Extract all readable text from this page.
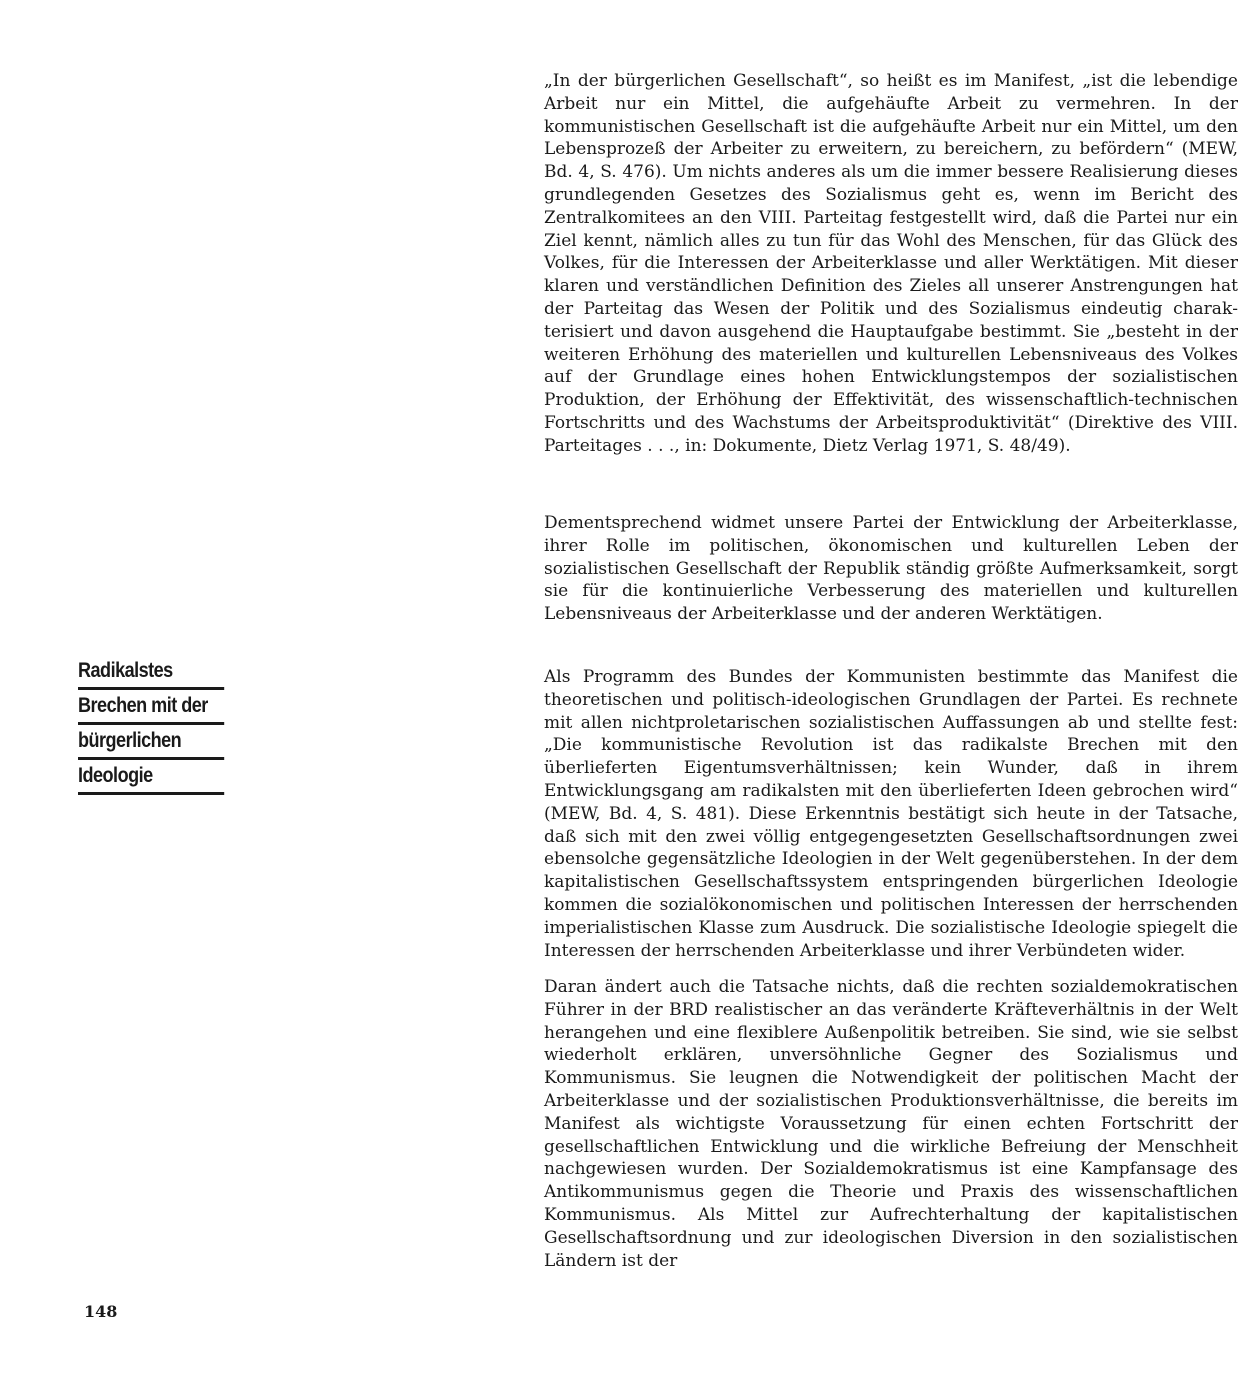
„In der bürgerlichen Gesellschaft“, so heißt es im Manifest, „ist die lebendige Arbeit nur ein Mittel, die aufgehäufte Arbeit zu vermehren. In der kommunistischen Gesellschaft ist die aufgehäufte Arbeit nur ein Mittel, um den Lebensprozeß der Arbeiter zu erweitern, zu bereichern, zu befördern“ (MEW, Bd. 4, S. 476). Um nichts anderes als um die immer bessere Realisierung dieses grundlegenden Gesetzes des Sozialismus geht es, wenn im Bericht des Zentralkomitees an den VIII. Parteitag festgestellt wird, daß die Partei nur ein Ziel kennt, nämlich alles zu tun für das Wohl des Menschen, für das Glück des Volkes, für die Interessen der Arbeiterklasse und aller Werktätigen. Mit dieser klaren und verständlichen Definition des Zieles all unserer Anstrengungen hat der Parteitag das Wesen der Politik und des Sozialismus eindeutig charakterisiert und davon ausgehend die Hauptaufgabe bestimmt. Sie „besteht in der weiteren Erhöhung des materiellen und kulturellen Lebensniveaus des Volkes auf der Grundlage eines hohen Entwicklungstempos der sozialistischen Produktion, der Erhöhung der Effektivität, des wissenschaftlich-technischen Fortschritts und des Wachstums der Arbeitsproduktivität“ (Direktive des VIII. Parteitages . . ., in: Dokumente, Dietz Verlag 1971, S. 48/49).

Dementsprechend widmet unsere Partei der Entwicklung der Arbeiterklasse, ihrer Rolle im politischen, ökonomischen und kulturellen Leben der sozialistischen Gesellschaft der Republik ständig größte Aufmerksamkeit, sorgt sie für die kontinuierliche Verbesserung des materiellen und kulturellen Lebensniveaus der Arbeiterklasse und der anderen Werktätigen.

Als Programm des Bundes der Kommunisten bestimmte das Manifest die theoretischen und politisch-ideologischen Grundlagen der Partei. Es rechnete mit allen nichtproletarischen sozialistischen Auffassungen ab und stellte fest: „Die kommunistische Revolution ist das radikalste Brechen mit den überlieferten Eigentumsverhältnissen; kein Wunder, daß in ihrem Entwicklungsgang am radikalsten mit den überlieferten Ideen gebrochen wird“ (MEW, Bd. 4, S. 481). Diese Erkenntnis bestätigt sich heute in der Tatsache, daß sich mit den zwei völlig entgegengesetzten Gesellschaftsordnungen zwei ebensolche gegensätzliche Ideologien in der Welt gegenüberstehen. In der dem kapitalistischen Gesellschaftssystem entspringenden bürgerlichen Ideologie kommen die sozialökonomischen und politischen Interessen der herrschenden imperialistischen Klasse zum Ausdruck. Die sozialistische Ideologie spiegelt die Interessen der herrschenden Arbeiterklasse und ihrer Verbündeten wider.

Daran ändert auch die Tatsache nichts, daß die rechten sozialdemokratischen Führer in der BRD realistischer an das veränderte Kräfteverhältnis in der Welt herangehen und eine flexiblere Außenpolitik betreiben. Sie sind, wie sie selbst wiederholt erklären, unversöhnliche Gegner des Sozialismus und Kommunismus. Sie leugnen die Notwendigkeit der politischen Macht der Arbeiterklasse und der sozialistischen Produktionsverhältnisse, die bereits im Manifest als wichtigste Voraussetzung für einen echten Fortschritt der gesellschaftlichen Entwicklung und die wirkliche Befreiung der Menschheit nachgewiesen wurden. Der Sozialdemokratismus ist eine Kampfansage des Antikommunismus gegen die Theorie und Praxis des wissenschaftlichen Kommunismus. Als Mittel zur Aufrechterhaltung der kapitalistischen Gesellschaftsordnung und zur ideologischen Diversion in den sozialistischen Ländern ist der

Radikalstes
Brechen mit der
bürgerlichen
Ideologie
148
